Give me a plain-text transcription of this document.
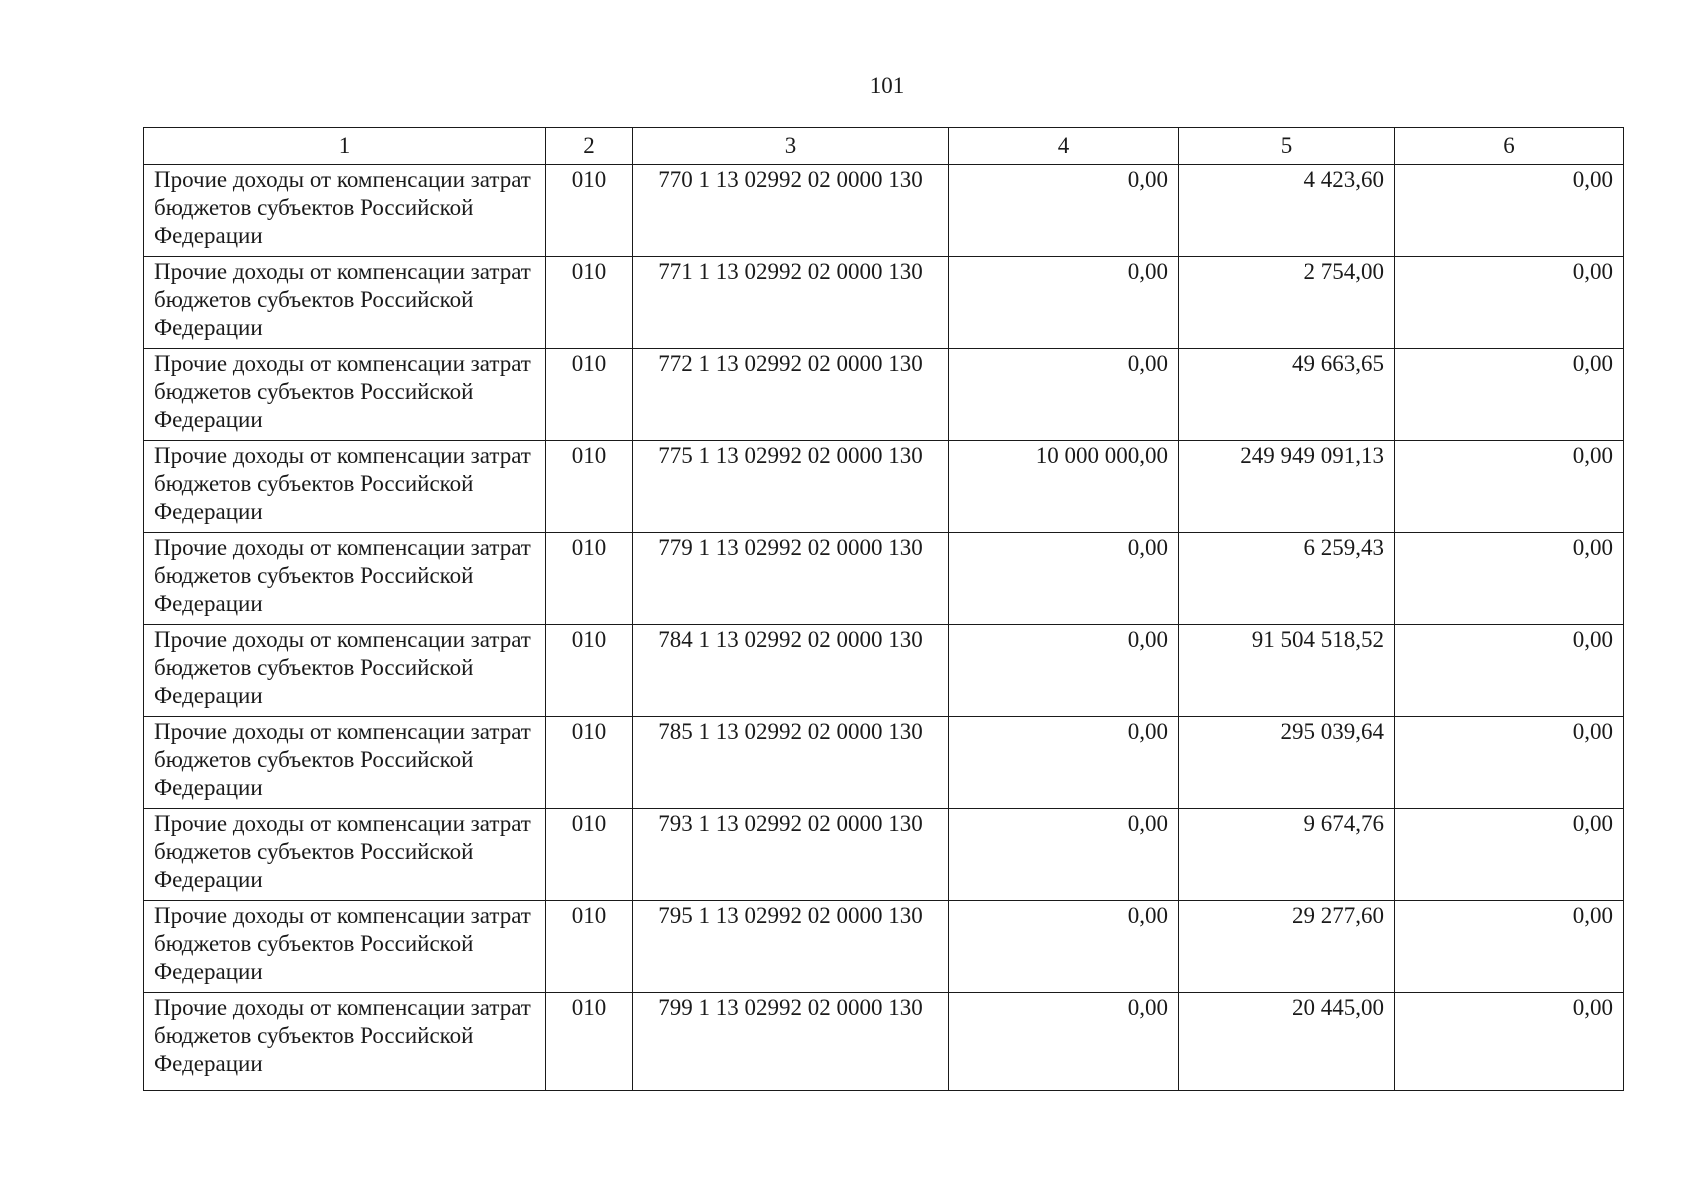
101
1	2	3	4	5	6
Прочие доходы от компенсации затрат бюджетов субъектов Российской Федерации	010	770 1 13 02992 02 0000 130	0,00	4 423,60	0,00
Прочие доходы от компенсации затрат бюджетов субъектов Российской Федерации	010	771 1 13 02992 02 0000 130	0,00	2 754,00	0,00
Прочие доходы от компенсации затрат бюджетов субъектов Российской Федерации	010	772 1 13 02992 02 0000 130	0,00	49 663,65	0,00
Прочие доходы от компенсации затрат бюджетов субъектов Российской Федерации	010	775 1 13 02992 02 0000 130	10 000 000,00	249 949 091,13	0,00
Прочие доходы от компенсации затрат бюджетов субъектов Российской Федерации	010	779 1 13 02992 02 0000 130	0,00	6 259,43	0,00
Прочие доходы от компенсации затрат бюджетов субъектов Российской Федерации	010	784 1 13 02992 02 0000 130	0,00	91 504 518,52	0,00
Прочие доходы от компенсации затрат бюджетов субъектов Российской Федерации	010	785 1 13 02992 02 0000 130	0,00	295 039,64	0,00
Прочие доходы от компенсации затрат бюджетов субъектов Российской Федерации	010	793 1 13 02992 02 0000 130	0,00	9 674,76	0,00
Прочие доходы от компенсации затрат бюджетов субъектов Российской Федерации	010	795 1 13 02992 02 0000 130	0,00	29 277,60	0,00
Прочие доходы от компенсации затрат бюджетов субъектов Российской Федерации	010	799 1 13 02992 02 0000 130	0,00	20 445,00	0,00
